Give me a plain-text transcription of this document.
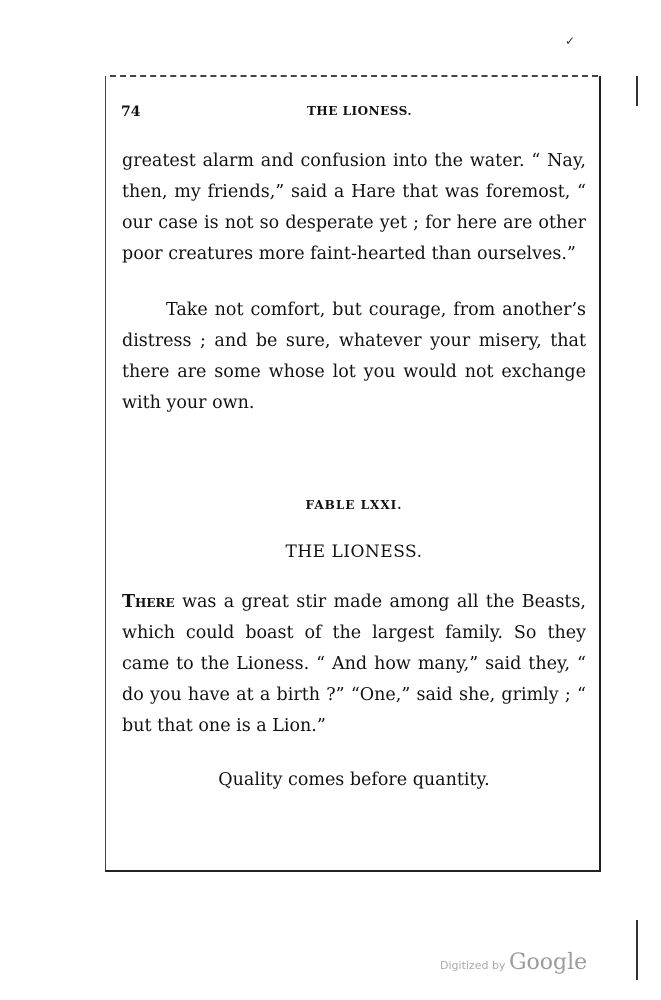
✓
74	THE LIONESS.
greatest alarm and confusion into the water. “ Nay, then, my friends,” said a Hare that was foremost, “ our case is not so desperate yet ; for here are other poor creatures more faint-hearted than ourselves.”
Take not comfort, but courage, from another’s distress ; and be sure, whatever your misery, that there are some whose lot you would not exchange with your own.
FABLE LXXI.
THE LIONESS.
There was a great stir made among all the Beasts, which could boast of the largest family. So they came to the Lioness. “ And how many,” said they, “ do you have at a birth ?” “One,” said she, grimly ; “ but that one is a Lion.”
Quality comes before quantity.
Digitized by Google
